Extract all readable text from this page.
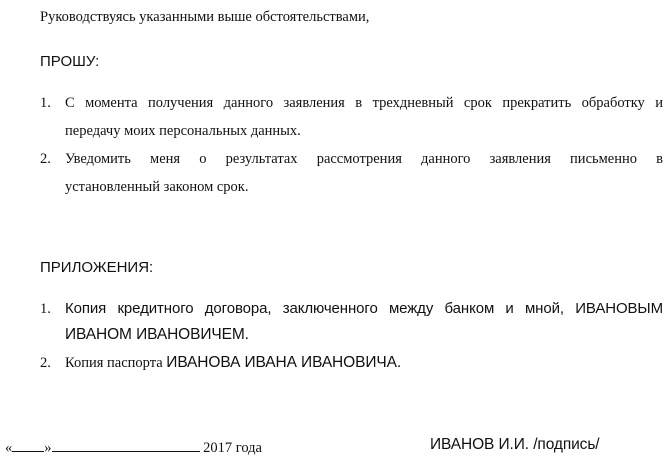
Руководствуясь указанными выше обстоятельствами,
ПРОШУ:
1. С момента получения данного заявления в трехдневный срок прекратить обработку и
передачу моих персональных данных.
2. Уведомить меня о результатах рассмотрения данного заявления письменно в
установленный законом срок.
ПРИЛОЖЕНИЯ:
1. Копия кредитного договора, заключенного между банком и мной, ИВАНОВЫМ
ИВАНОМ ИВАНОВИЧЕМ.
2. Копия паспорта ИВАНОВА ИВАНА ИВАНОВИЧА.
« »	2017 года	ИВАНОВ И.И. /подпись/
